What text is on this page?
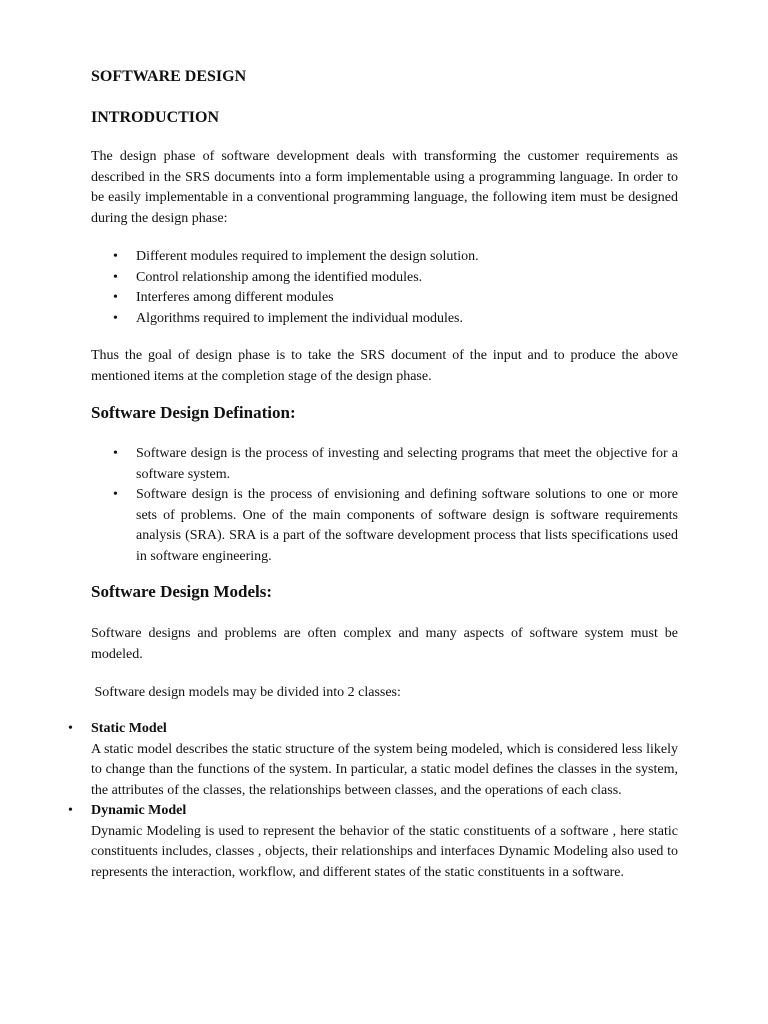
SOFTWARE DESIGN
INTRODUCTION

The design phase of software development deals with transforming the customer requirements as described in the SRS documents into a form implementable using a programming language. In order to be easily implementable in a conventional programming language, the following item must be designed during the design phase:

• Different modules required to implement the design solution.
• Control relationship among the identified modules.
• Interferes among different modules
• Algorithms required to implement the individual modules.

Thus the goal of design phase is to take the SRS document of the input and to produce the above mentioned items at the completion stage of the design phase.

Software Design Defination:
• Software design is the process of investing and selecting programs that meet the objective for a software system.
• Software design is the process of envisioning and defining software solutions to one or more sets of problems. One of the main components of software design is software requirements analysis (SRA). SRA is a part of the software development process that lists specifications used in software engineering.
Software Design Models:

Software designs and problems are often complex and many aspects of software system must be modeled.

Software design models may be divided into 2 classes:

• Static Model
A static model describes the static structure of the system being modeled, which is considered less likely to change than the functions of the system. In particular, a static model defines the classes in the system, the attributes of the classes, the relationships between classes, and the operations of each class.
• Dynamic Model
Dynamic Modeling is used to represent the behavior of the static constituents of a software , here static constituents includes, classes , objects, their relationships and interfaces Dynamic Modeling also used to represents the interaction, workflow, and different states of the static constituents in a software.
